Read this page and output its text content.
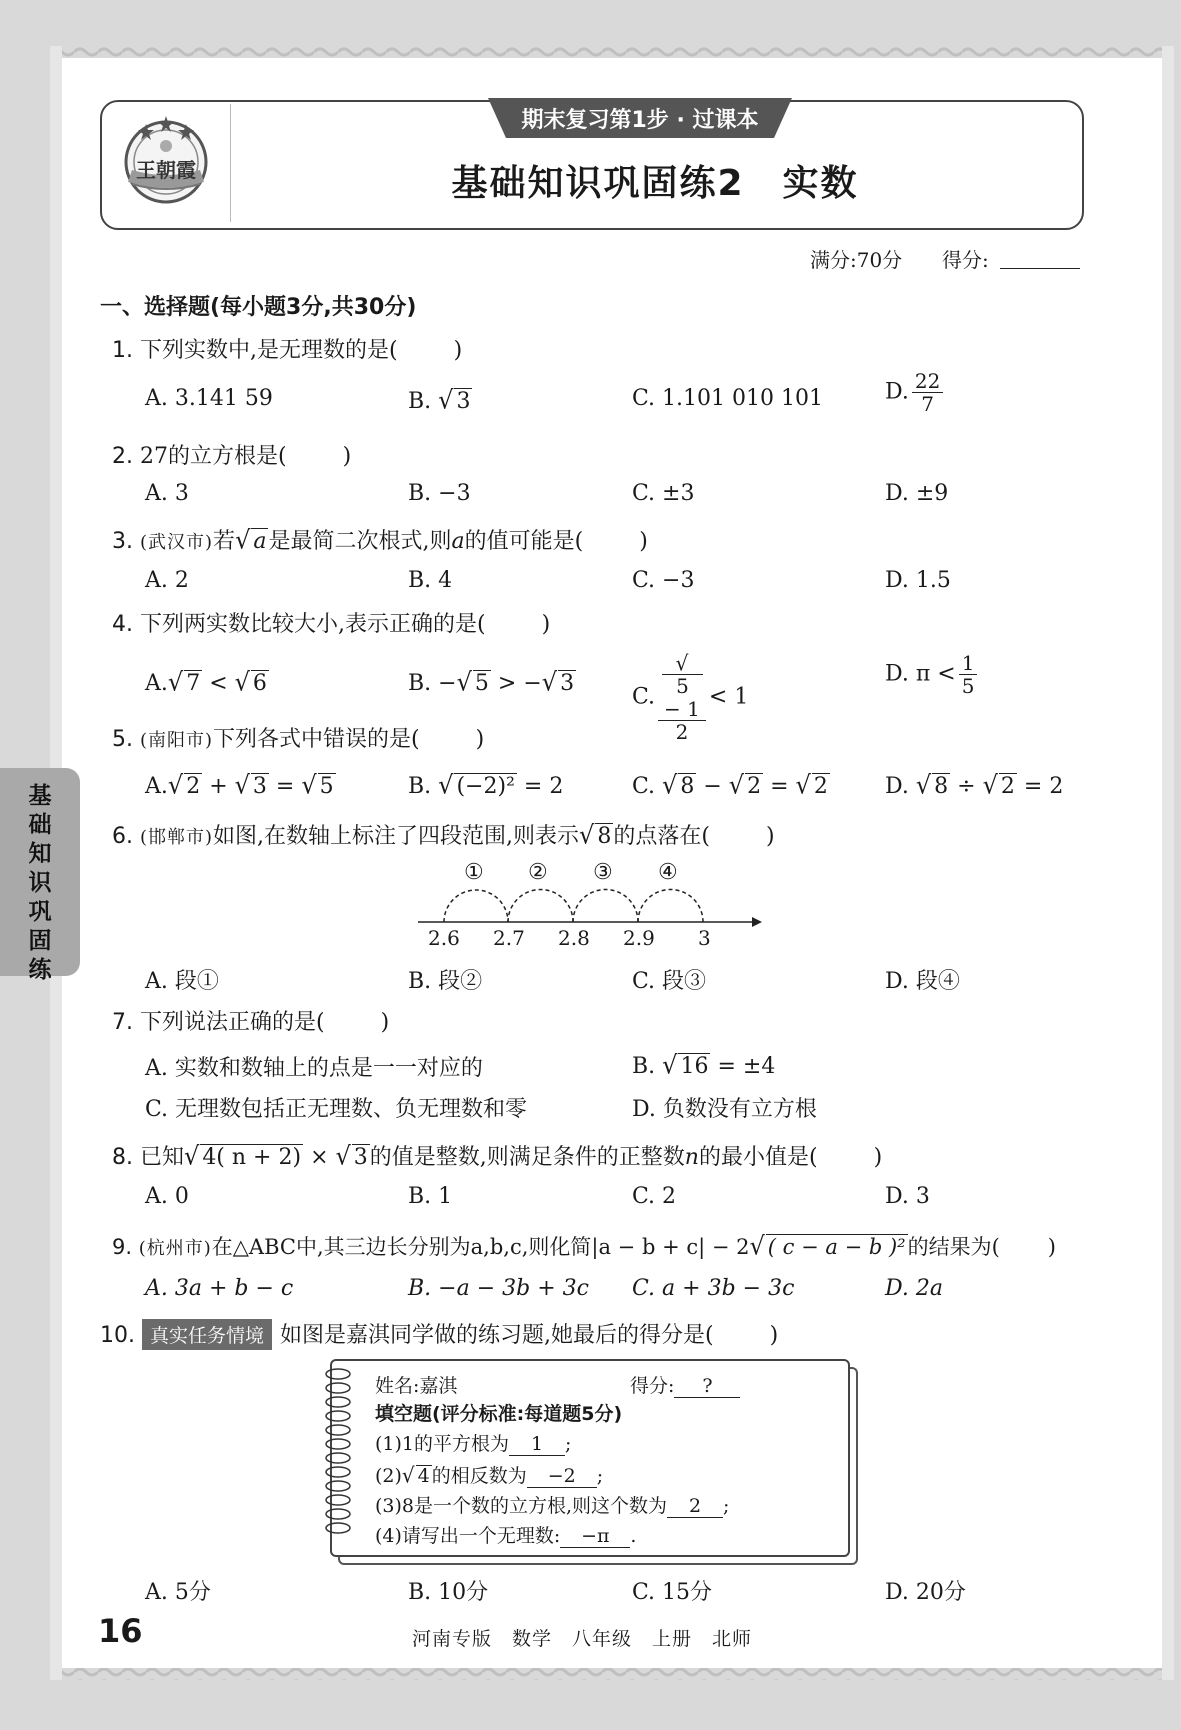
王朝霞
期末复习第1步 · 过课本
基础知识巩固练2　实数
满分:70分 得分:
基
础
知
识
巩
固
练
一、选择题(每小题3分,共30分)
1. 下列实数中,是无理数的是(	)
A. 3.141 59	B. √ 3	C. 1.101 010 101	D. $\frac{22}{7}$
2. 27的立方根是(	)
A. 3	B. −3	C. ±3	D. ±9
3. (武汉市)若√ a是最简二次根式,则a的值可能是(	)
A. 2	B. 4	C. −3	D. 1.5
4. 下列两实数比较大小,表示正确的是(	)
A.√ 7 < √ 6	B. −√ 5 > −√ 3
C. √
5
− 1
2 < 1
D. $\pi < \frac{1}{5}$
5. (南阳市)下列各式中错误的是(	)
A.√ 2 + √ 3 = √ 5	B. √ (−2)² = 2	C. √ 8 − √ 2 = √ 2	D. √ 8 ÷ √ 2 = 2
6. (邯郸市)如图,在数轴上标注了四段范围,则表示√ 8的点落在(	)
① ② ③ ④
2.6 2.7 2.8 2.9 3
A. 段①	B. 段②	C. 段③	D. 段④
7. 下列说法正确的是(	)
A. 实数和数轴上的点是一一对应的	B. √ 16 = ±4
C. 无理数包括正无理数、负无理数和零	D. 负数没有立方根
8. 已知√ 4( n + 2) × √ 3的值是整数,则满足条件的正整数n的最小值是(	)
A. 0	B. 1	C. 2	D. 3
9. (杭州市)在△ABC中,其三边长分别为a,b,c,则化简|a − b + c| − 2√ ( c − a − b )²的结果为( )
A. 3a + b − c	B. −a − 3b + 3c C. a + 3b − 3c	D. 2a
10. 真实任务情境 如图是嘉淇同学做的练习题,她最后的得分是(	)
姓名:嘉淇	得分: ?
填空题(评分标准:每道题5分)
(1)1的平方根为 1 ;
(2)√ 4 的相反数为 −2 ;
(3)8是一个数的立方根,则这个数为 2 ;
(4)请写出一个无理数: −π .
A. 5分	B. 10分	C. 15分	D. 20分
16	河南专版　数学　八年级　上册　北师
